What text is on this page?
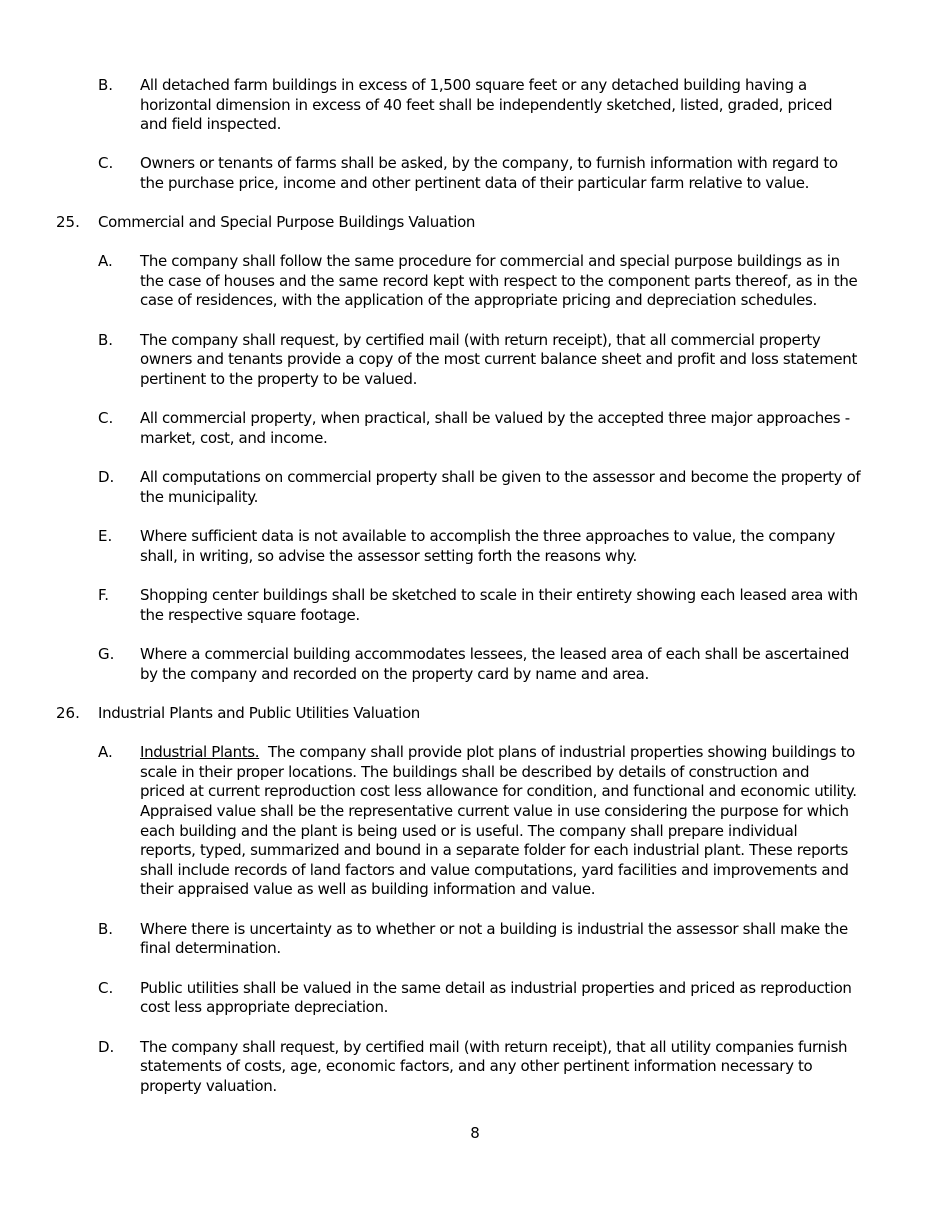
B.	All detached farm buildings in excess of 1,500 square feet or any detached building having a
horizontal dimension in excess of 40 feet shall be independently sketched, listed, graded, priced
and field inspected.
C.	Owners or tenants of farms shall be asked, by the company, to furnish information with regard to
the purchase price, income and other pertinent data of their particular farm relative to value.
25. Commercial and Special Purpose Buildings Valuation
A.	The company shall follow the same procedure for commercial and special purpose buildings as in
the case of houses and the same record kept with respect to the component parts thereof, as in the
case of residences, with the application of the appropriate pricing and depreciation schedules.
B.	The company shall request, by certified mail (with return receipt), that all commercial property
owners and tenants provide a copy of the most current balance sheet and profit and loss statement
pertinent to the property to be valued.
C.	All commercial property, when practical, shall be valued by the accepted three major approaches -
market, cost, and income.
D.	All computations on commercial property shall be given to the assessor and become the property of
the municipality.
E.	Where sufficient data is not available to accomplish the three approaches to value, the company
shall, in writing, so advise the assessor setting forth the reasons why.
F.	Shopping center buildings shall be sketched to scale in their entirety showing each leased area with
the respective square footage.
G.	Where a commercial building accommodates lessees, the leased area of each shall be ascertained
by the company and recorded on the property card by name and area.
26. Industrial Plants and Public Utilities Valuation
A.	Industrial Plants.  The company shall provide plot plans of industrial properties showing buildings to
scale in their proper locations. The buildings shall be described by details of construction and
priced at current reproduction cost less allowance for condition, and functional and economic utility.
Appraised value shall be the representative current value in use considering the purpose for which
each building and the plant is being used or is useful. The company shall prepare individual
reports, typed, summarized and bound in a separate folder for each industrial plant. These reports
shall include records of land factors and value computations, yard facilities and improvements and
their appraised value as well as building information and value.
B.	Where there is uncertainty as to whether or not a building is industrial the assessor shall make the
final determination.
C.	Public utilities shall be valued in the same detail as industrial properties and priced as reproduction
cost less appropriate depreciation.
D.	The company shall request, by certified mail (with return receipt), that all utility companies furnish
statements of costs, age, economic factors, and any other pertinent information necessary to
property valuation.
8
